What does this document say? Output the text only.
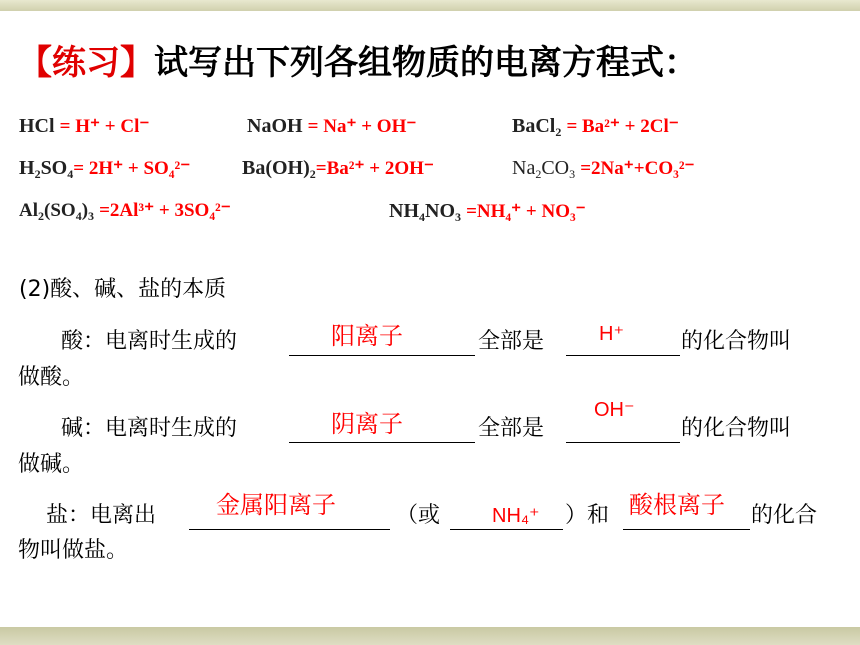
【练习】试写出下列各组物质的电离方程式：
HCl = H⁺ + Cl⁻	NaOH = Na⁺ + OH⁻	BaCl$_2$ = Ba²⁺ + 2Cl⁻
$H_2SO_4= 2H^+ + SO_4^{2-}$	$Ba(OH)_2=Ba^{2+} + 2OH^-$	$Na_2CO_3 =2Na^++CO_3^{2-}$
$Al_2(SO_4)_3 =2Al^{3+} + 3SO_4^{2-}$	$NH_4NO_3 =NH_4^+ + NO_3^-$
(2)酸、碱、盐的本质
酸：电离时生成的	阳离子	全部是	H⁺	的化合物叫
做酸。
碱：电离时生成的	阴离子	全部是
OH⁻
的化合物叫
做碱。
盐：电离出 金属阳离子	（或	NH₄⁺ ）和 酸根离子 的化合
物叫做盐。
